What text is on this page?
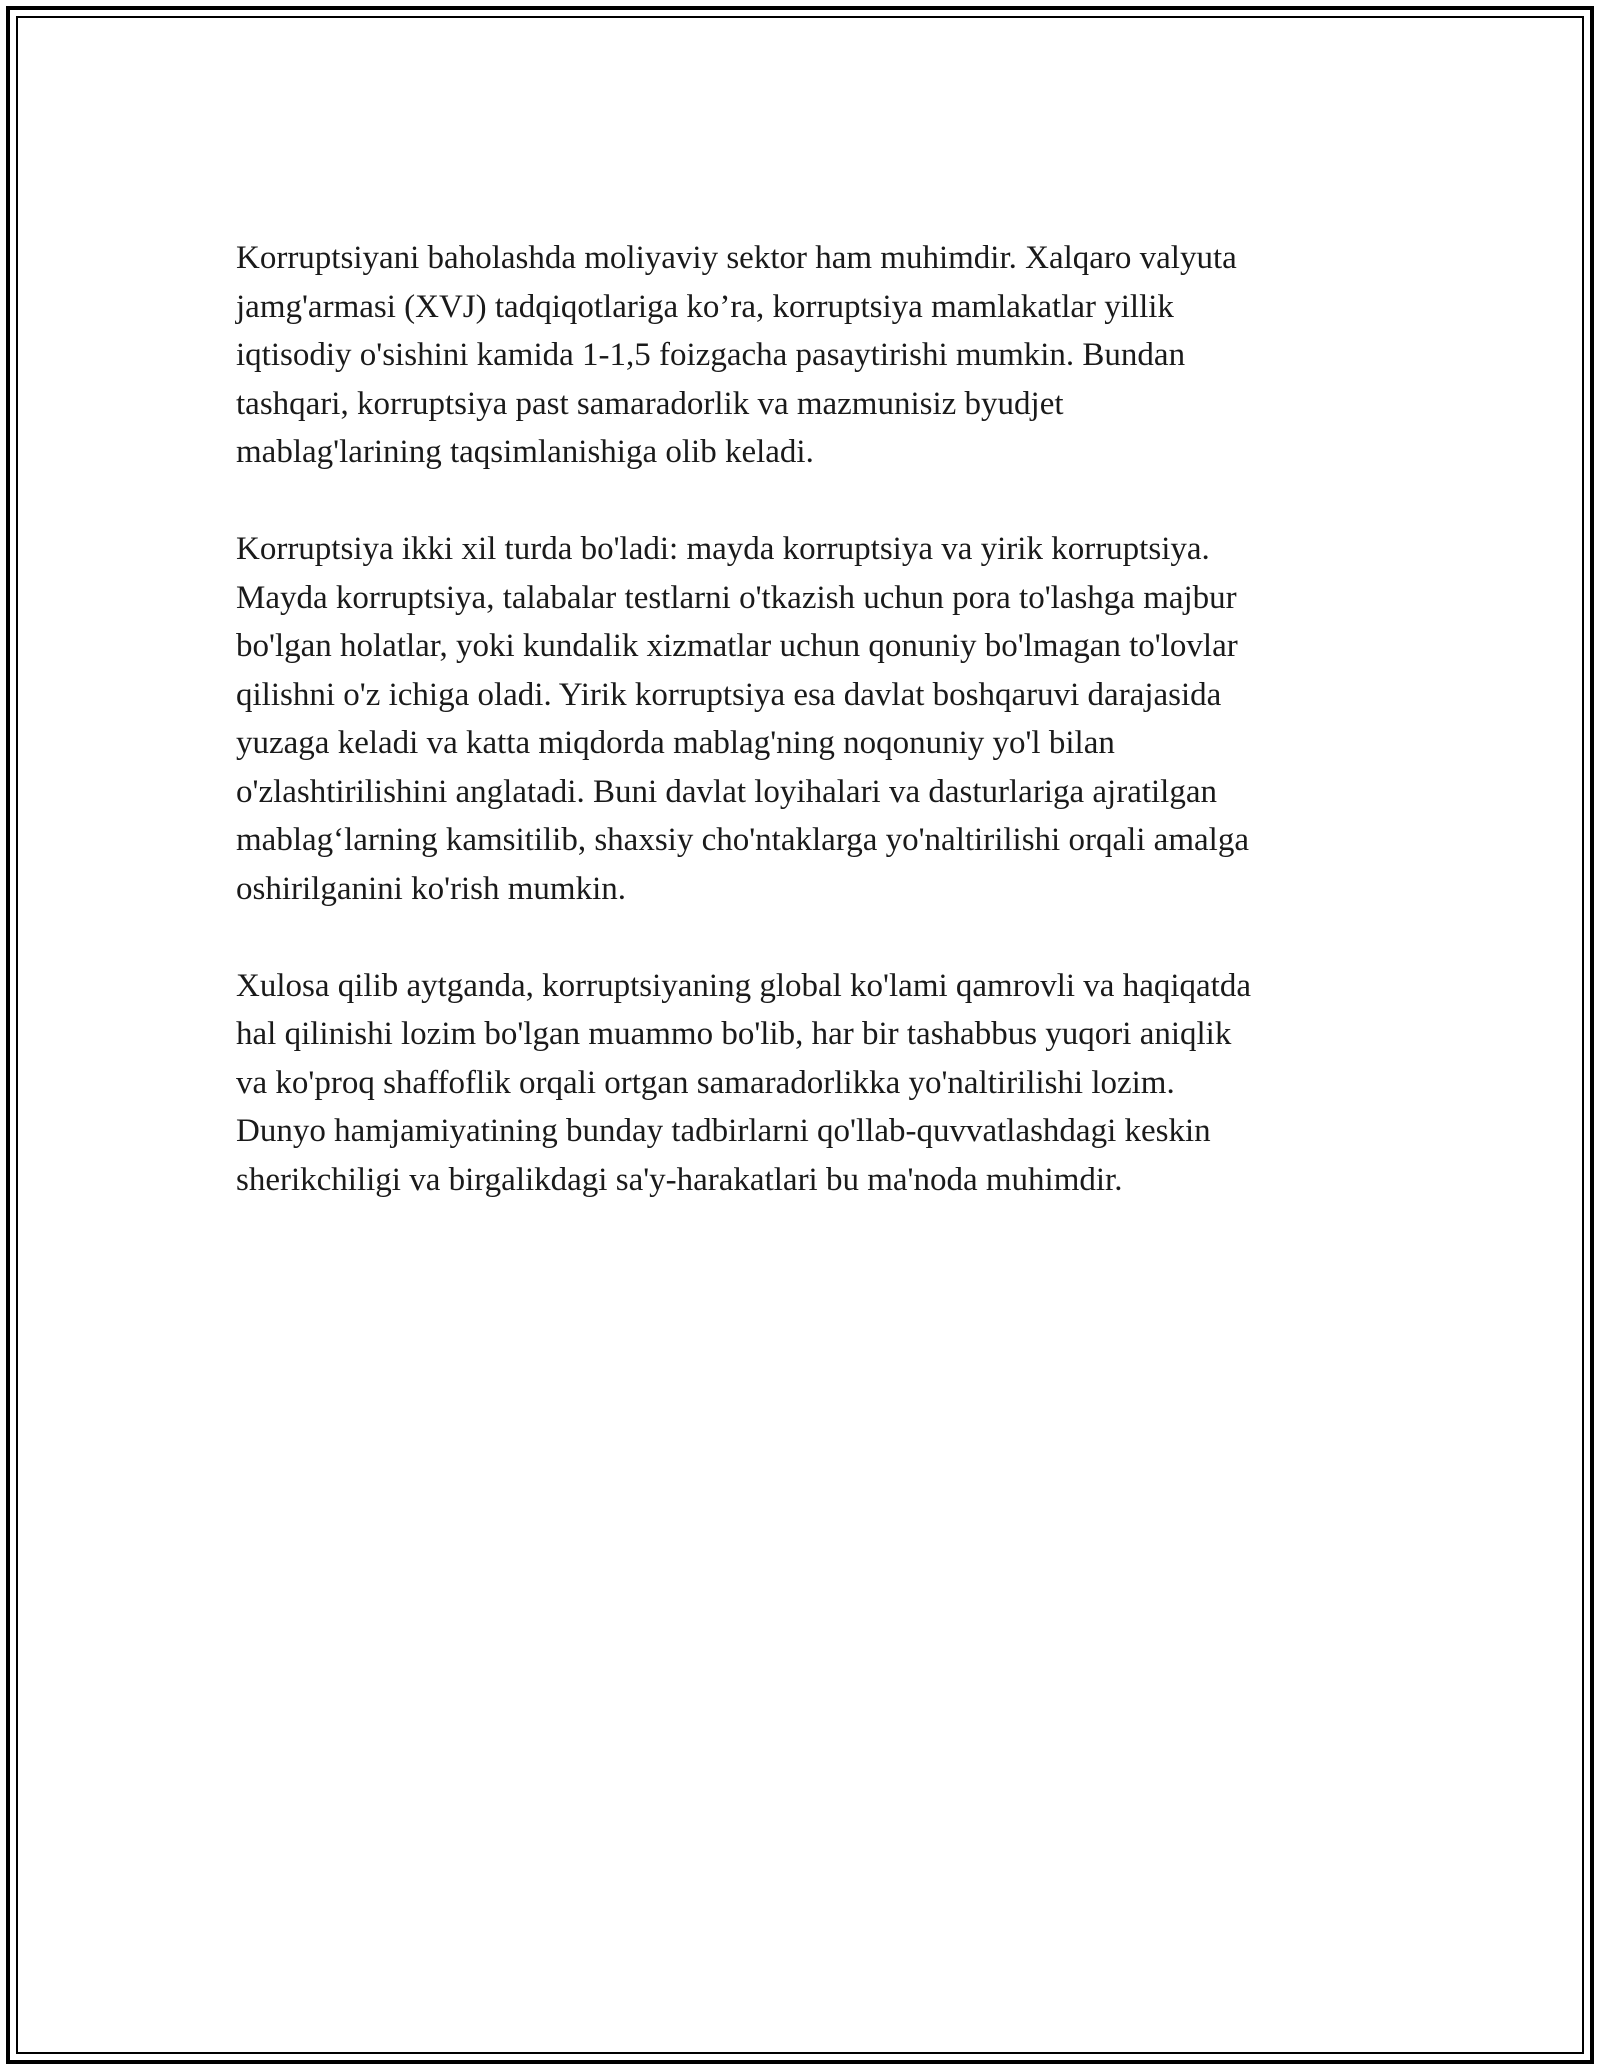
Korruptsiyani baholashda moliyaviy sektor ham muhimdir. Xalqaro valyuta
jamg'armasi (XVJ) tadqiqotlariga ko’ra, korruptsiya mamlakatlar yillik
iqtisodiy o'sishini kamida 1-1,5 foizgacha pasaytirishi mumkin. Bundan
tashqari, korruptsiya past samaradorlik va mazmunisiz byudjet
mablag'larining taqsimlanishiga olib keladi.

Korruptsiya ikki xil turda bo'ladi: mayda korruptsiya va yirik korruptsiya.
Mayda korruptsiya, talabalar testlarni o'tkazish uchun pora to'lashga majbur
bo'lgan holatlar, yoki kundalik xizmatlar uchun qonuniy bo'lmagan to'lovlar
qilishni o'z ichiga oladi. Yirik korruptsiya esa davlat boshqaruvi darajasida
yuzaga keladi va katta miqdorda mablag'ning noqonuniy yo'l bilan
o'zlashtirilishini anglatadi. Buni davlat loyihalari va dasturlariga ajratilgan
mablag‘larning kamsitilib, shaxsiy cho'ntaklarga yo'naltirilishi orqali amalga
oshirilganini ko'rish mumkin.

Xulosa qilib aytganda, korruptsiyaning global ko'lami qamrovli va haqiqatda
hal qilinishi lozim bo'lgan muammo bo'lib, har bir tashabbus yuqori aniqlik
va ko'proq shaffoflik orqali ortgan samaradorlikka yo'naltirilishi lozim.
Dunyo hamjamiyatining bunday tadbirlarni qo'llab-quvvatlashdagi keskin
sherikchiligi va birgalikdagi sa'y-harakatlari bu ma'noda muhimdir.
